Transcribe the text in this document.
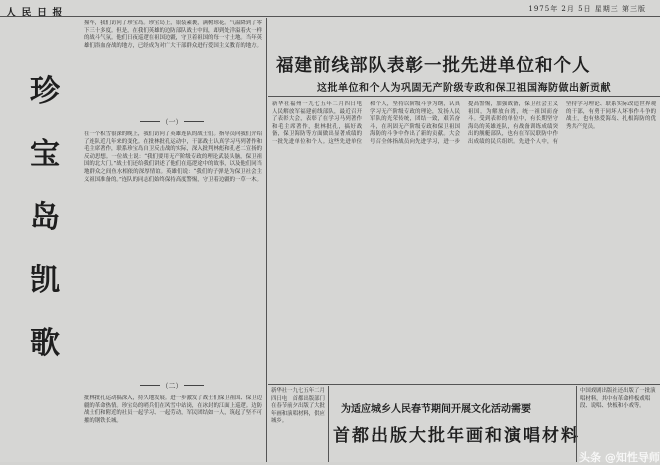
人 民 日 报	1975年 2月 5日 星期三 第三版
珍
宝
岛
凯
歌
撞车，我们访问了珍宝岛。珍宝岛上，银装素裹，满树琼花。气温降到了零下三十多度。但是，在我们英雄的边防部队战士中间，却到处洋溢着火一样的战斗气氛。他们日夜巡逻在祖国边疆，守卫着祖国的每一寸土地。当年英雄们浴血奋战的地方，已经成为对广大干部群众进行爱国主义教育的地方。
（一）
在一个积雪很深的晚上，我们访问了英雄连队的战士们。指导员向我们介绍了连队近几年来的变化。在批林批孔运动中，干部战士认真学习马列著作和毛主席著作，联系珍宝岛自卫反击战的实际，深入批判林彪和孔老二宣扬的反动思想。一位战士说：“我们要用无产阶级专政的理论武装头脑，保卫祖国的北大门。”战士们还给我们讲述了他们在巡逻途中的故事，以及他们同当地群众之间鱼水相依的深厚情谊。英雄们说：“我们的子弹是为保卫社会主义祖国准备的。”连队的同志们始终保持高度警惕，守卫着边疆的一草一木。
（二）
批林批孔运动搞深入，持久地发展。进一步激发了战士们保卫祖国、保卫边疆的革命热情。珍宝岛的哨兵们在风雪中站岗，在冰封的江面上巡逻。边防战士们和附近的社员一起学习、一起劳动，军民团结如一人，筑起了坚不可摧的钢铁长城。
福建前线部队表彰一批先进单位和个人
这批单位和个人为巩固无产阶级专政和保卫祖国海防做出新贡献
新华社福州一九七五年二月四日电　人民解放军福建前线部队，最近召开了表彰大会，表彰了在学习马列著作和毛主席著作，批林批孔，搞好战备，保卫海防等方面做出显著成绩的一批先进单位和个人。这些先进单位和个人，坚持以阶级斗争为纲，认真学习无产阶级专政的理论，发扬人民军队的光荣传统，团结一致，艰苦奋斗，在巩固无产阶级专政和保卫祖国海防的斗争中作出了新的贡献。大会号召全体指战员向先进学习，进一步提高警惕，加强战备，保卫社会主义祖国，为解放台湾，统一祖国而奋斗。受到表彰的单位中，有长期坚守海岛的英雄连队，有战备训练成绩突出的舰艇部队，也有在军民联防中作出成绩的民兵组织。先进个人中，有坚持学习理论、联系实际改造世界观的干部，有勇于同坏人坏事作斗争的战士，也有热爱海岛、扎根海防的优秀共产党员。
新华社一九七五年二月四日电　首都出版部门在春节前夕出版了大批年画和演唱材料，供应城乡。
为适应城乡人民春节期间开展文化活动需要
首都出版大批年画和演唱材料
中国戏剧出版社还出版了一批演唱材料，其中有革命样板戏唱段、说唱、快板和小戏等。
头条 @知性导师
